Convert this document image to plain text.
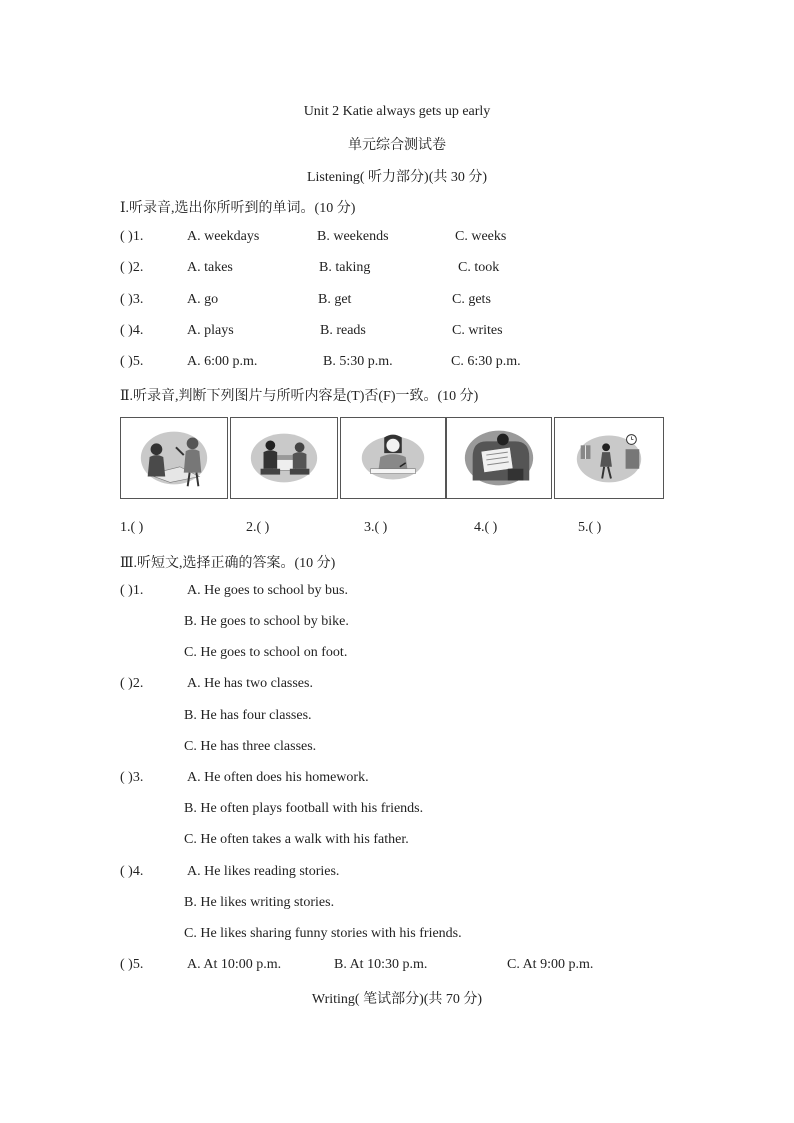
Unit 2 Katie always gets up early
单元综合测试卷
Listening( 听力部分)(共 30 分)
Ⅰ.听录音,选出你所听到的单词。(10 分)
( )1.	A. weekdays	B. weekends	C. weeks
( )2.	A. takes	B. taking	C. took
( )3.	A. go	B. get	C. gets
( )4.	A. plays	B. reads	C. writes
( )5.	A. 6:00 p.m.	B. 5:30 p.m.	C. 6:30 p.m.
Ⅱ.听录音,判断下列图片与所听内容是(T)否(F)一致。(10 分)
1.( )	2.( )	3.( )	4.( )	5.( )
Ⅲ.听短文,选择正确的答案。(10 分)
( )1.	A. He goes to school by bus.
B. He goes to school by bike.
C. He goes to school on foot.
( )2.	A. He has two classes.
B. He has four classes.
C. He has three classes.
( )3.	A. He often does his homework.
B. He often plays football with his friends.
C. He often takes a walk with his father.
( )4.	A. He likes reading stories.
B. He likes writing stories.
C. He likes sharing funny stories with his friends.
( )5.	A. At 10:00 p.m.	B. At 10:30 p.m.	C. At 9:00 p.m.
Writing( 笔试部分)(共 70 分)
